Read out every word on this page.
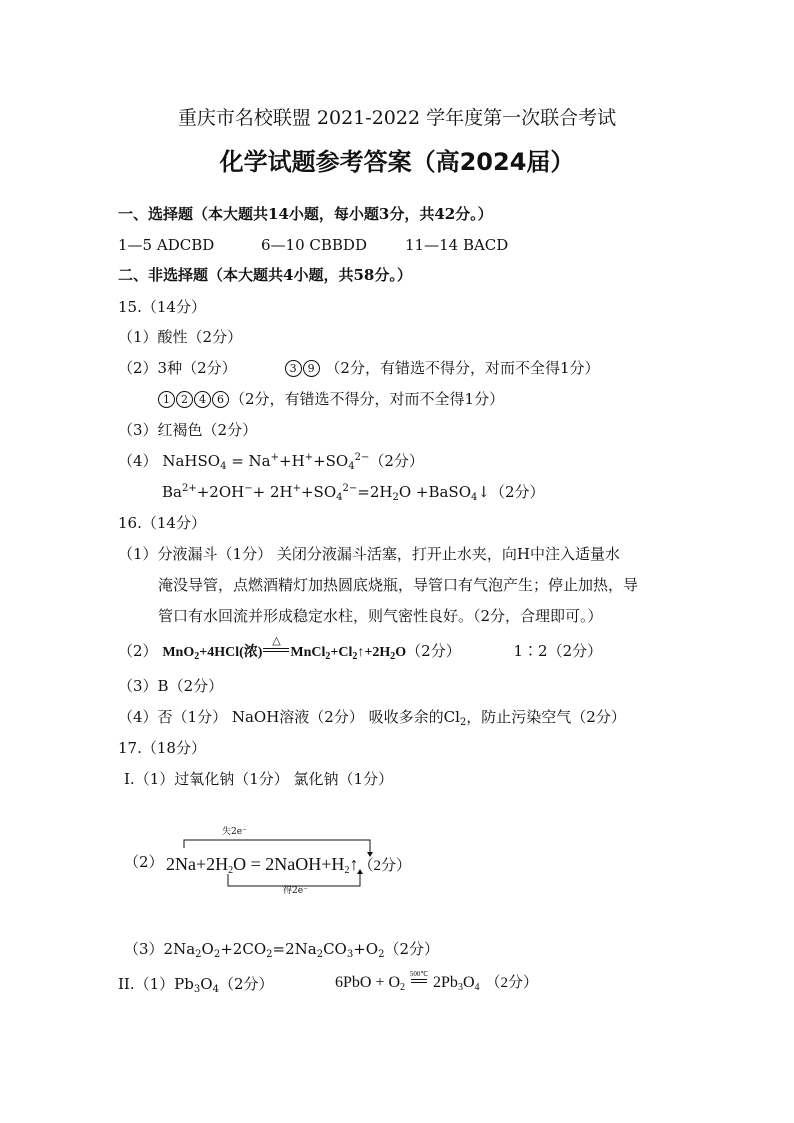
重庆市名校联盟 2021-2022 学年度第一次联合考试
化学试题参考答案（高2024届）
一、选择题（本大题共14小题，每小题3分，共42分。）
1—5 ADCBD	6—10 CBBDD	11—14 BACD
二、非选择题（本大题共4小题，共58分。）
15.（14分）
（1）酸性（2分）
（2）3种（2分）	3 9 （2分，有错选不得分，对而不全得1分）
1 2 4 6 （2分，有错选不得分，对而不全得1分）
（3）红褐色（2分）
（4） NaHSO$_4$ = $Na^++H^++SO_4^{2-}(2$分）
$Ba^{2+}+2OH^-+ 2H^++SO_4^{2-}=2H_2O$ +BaSO$_4$↓（2分）
16.（14分）
（1）分液漏斗（1分） 关闭分液漏斗活塞，打开止水夹，向H中注入适量水
淹没导管，点燃酒精灯加热圆底烧瓶，导管口有气泡产生；停止加热，导
管口有水回流并形成稳定水柱，则气密性良好。（2分，合理即可。）
（2） MnO$_2$+4HCl(浓)
△
$MnCl_2+Cl_2↑+2H_2O(2$分）	1∶2（2分）
（3）B（2分）
（4）否（1分） NaOH溶液（2分） 吸收多余的$Cl_2$，防止污染空气（2分）
17.（18分）
I.（1）过氧化钠（1分） 氯化钠（1分）
失2e⁻
得2e⁻
（2） $2Na+2H_2O$ = $2NaOH+H_2↑(2$分）
$(3)2Na_2O_2+2CO_2=2Na_2CO_3+O_2(2$分）
$II.(1)Pb_3O_4(2$分）	$6PbO + O_2$
500℃ $2Pb_3O_4$ （2分）
